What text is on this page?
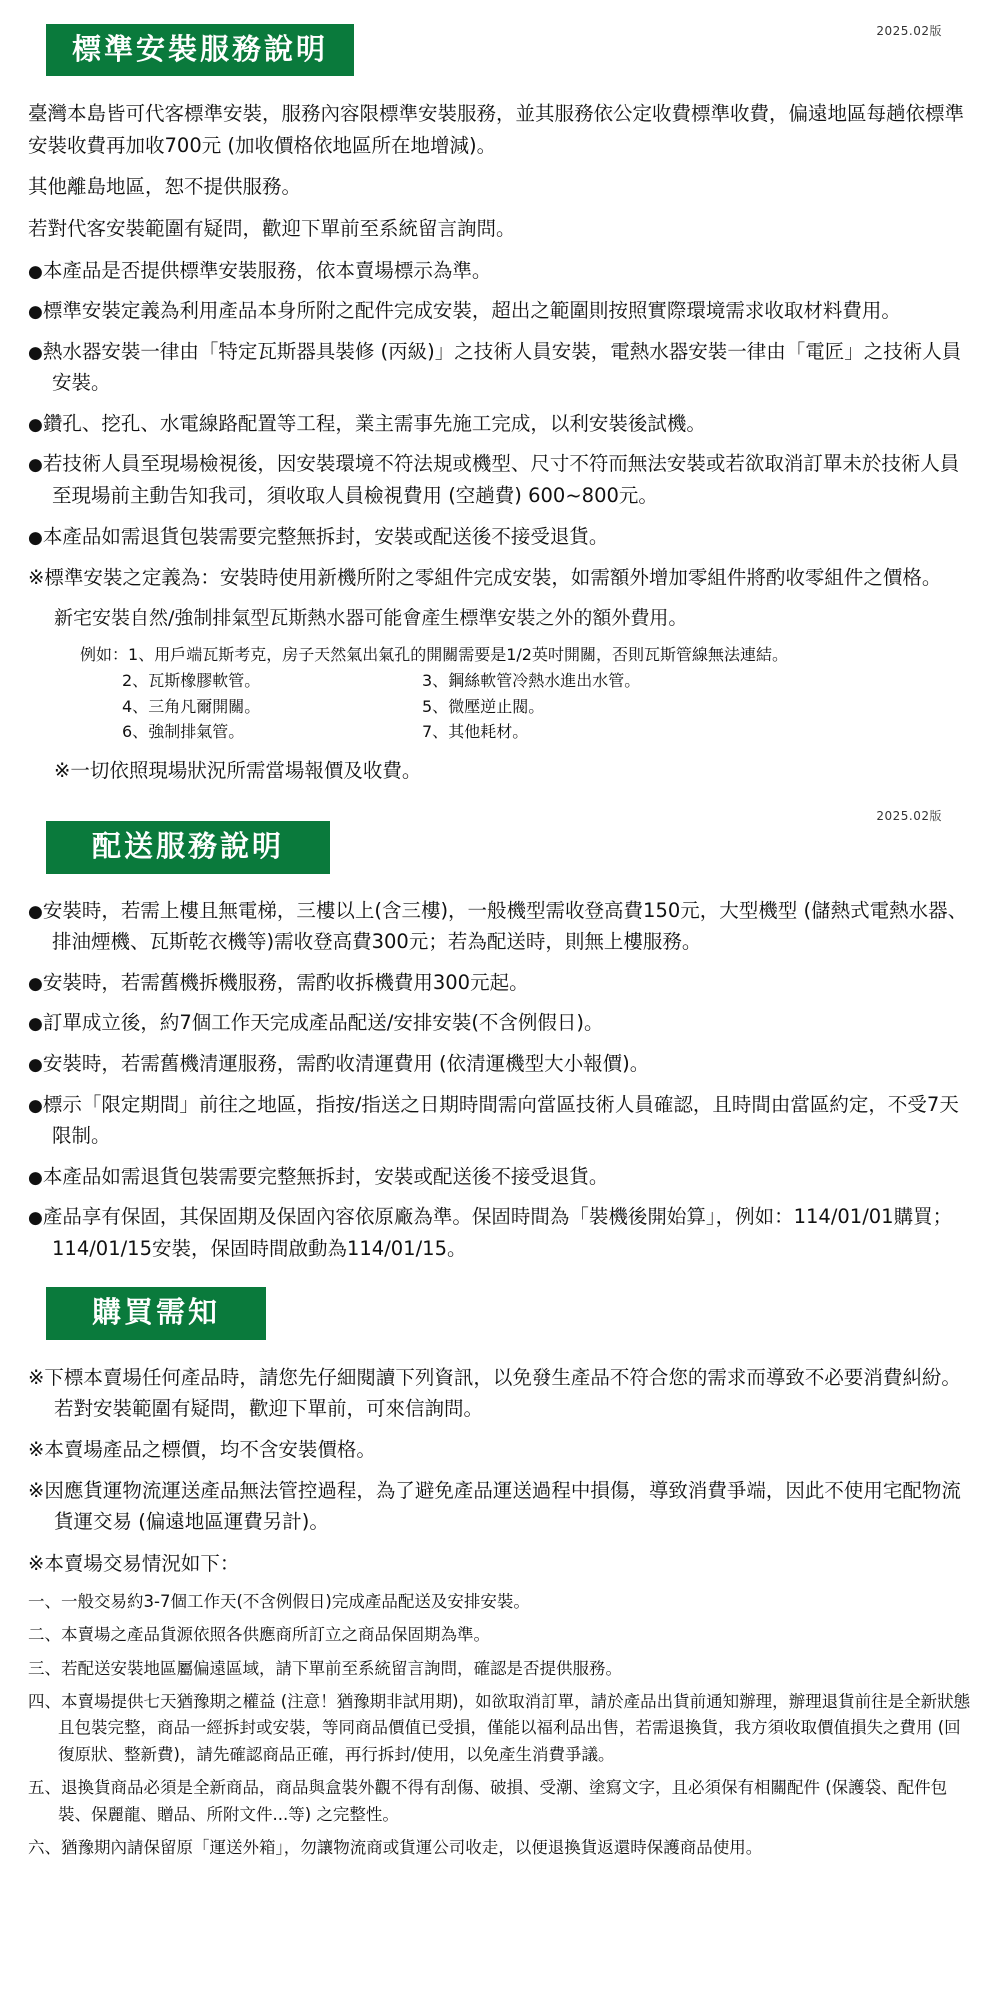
2025.02版
標準安裝服務說明
臺灣本島皆可代客標準安裝，服務內容限標準安裝服務，並其服務依公定收費標準收費，偏遠地區每趟依標準安裝收費再加收700元 (加收價格依地區所在地增減)。
其他離島地區，恕不提供服務。
若對代客安裝範圍有疑問，歡迎下單前至系統留言詢問。
●本產品是否提供標準安裝服務，依本賣場標示為準。
●標準安裝定義為利用產品本身所附之配件完成安裝，超出之範圍則按照實際環境需求收取材料費用。
●熱水器安裝一律由「特定瓦斯器具裝修 (丙級)」之技術人員安裝，電熱水器安裝一律由「電匠」之技術人員安裝。
●鑽孔、挖孔、水電線路配置等工程，業主需事先施工完成，以利安裝後試機。
●若技術人員至現場檢視後，因安裝環境不符法規或機型、尺寸不符而無法安裝或若欲取消訂單未於技術人員至現場前主動告知我司，須收取人員檢視費用 (空趟費) 600~800元。
●本產品如需退貨包裝需要完整無拆封，安裝或配送後不接受退貨。
※標準安裝之定義為：安裝時使用新機所附之零組件完成安裝，如需額外增加零組件將酌收零組件之價格。
新宅安裝自然/強制排氣型瓦斯熱水器可能會產生標準安裝之外的額外費用。
例如： 1、 用戶端瓦斯考克，房子天然氣出氣孔的開關需要是1/2英吋開關，否則瓦斯管線無法連結。
2、瓦斯橡膠軟管。	3、鋼絲軟管冷熱水進出水管。
4、三角凡爾開關。	5、微壓逆止閥。
6、強制排氣管。	7、其他耗材。
※一切依照現場狀況所需當場報價及收費。
2025.02版
配送服務說明
●安裝時，若需上樓且無電梯，三樓以上(含三樓)，一般機型需收登高費150元，大型機型 (儲熱式電熱水器、排油煙機、瓦斯乾衣機等)需收登高費300元；若為配送時，則無上樓服務。
●安裝時，若需舊機拆機服務，需酌收拆機費用300元起。
●訂單成立後，約7個工作天完成產品配送/安排安裝(不含例假日)。
●安裝時，若需舊機清運服務，需酌收清運費用 (依清運機型大小報價)。
●標示「限定期間」前往之地區，指按/指送之日期時間需向當區技術人員確認，且時間由當區約定，不受7天限制。
●本產品如需退貨包裝需要完整無拆封，安裝或配送後不接受退貨。
●產品享有保固，其保固期及保固內容依原廠為準。保固時間為「裝機後開始算」，例如：114/01/01購買；114/01/15安裝，保固時間啟動為114/01/15。
購買需知
※下標本賣場任何產品時，請您先仔細閱讀下列資訊，以免發生產品不符合您的需求而導致不必要消費糾紛。若對安裝範圍有疑問，歡迎下單前，可來信詢問。
※本賣場產品之標價，均不含安裝價格。
※因應貨運物流運送產品無法管控過程，為了避免產品運送過程中損傷，導致消費爭端，因此不使用宅配物流貨運交易 (偏遠地區運費另計)。
※本賣場交易情況如下：
一、一般交易約3-7個工作天(不含例假日)完成產品配送及安排安裝。
二、本賣場之產品貨源依照各供應商所訂立之商品保固期為準。
三、若配送安裝地區屬偏遠區域，請下單前至系統留言詢問，確認是否提供服務。
四、本賣場提供七天猶豫期之權益 (注意！猶豫期非試用期)，如欲取消訂單，請於產品出貨前通知辦理，辦理退貨前往是全新狀態且包裝完整，商品一經拆封或安裝，等同商品價值已受損，僅能以福利品出售，若需退換貨，我方須收取價值損失之費用 (回復原狀、整新費)，請先確認商品正確，再行拆封/使用，以免產生消費爭議。
五、退換貨商品必須是全新商品，商品與盒裝外觀不得有刮傷、破損、受潮、塗寫文字，且必須保有相關配件 (保護袋、配件包裝、保麗龍、贈品、所附文件...等) 之完整性。
六、猶豫期內請保留原「運送外箱」，勿讓物流商或貨運公司收走，以便退換貨返還時保護商品使用。
